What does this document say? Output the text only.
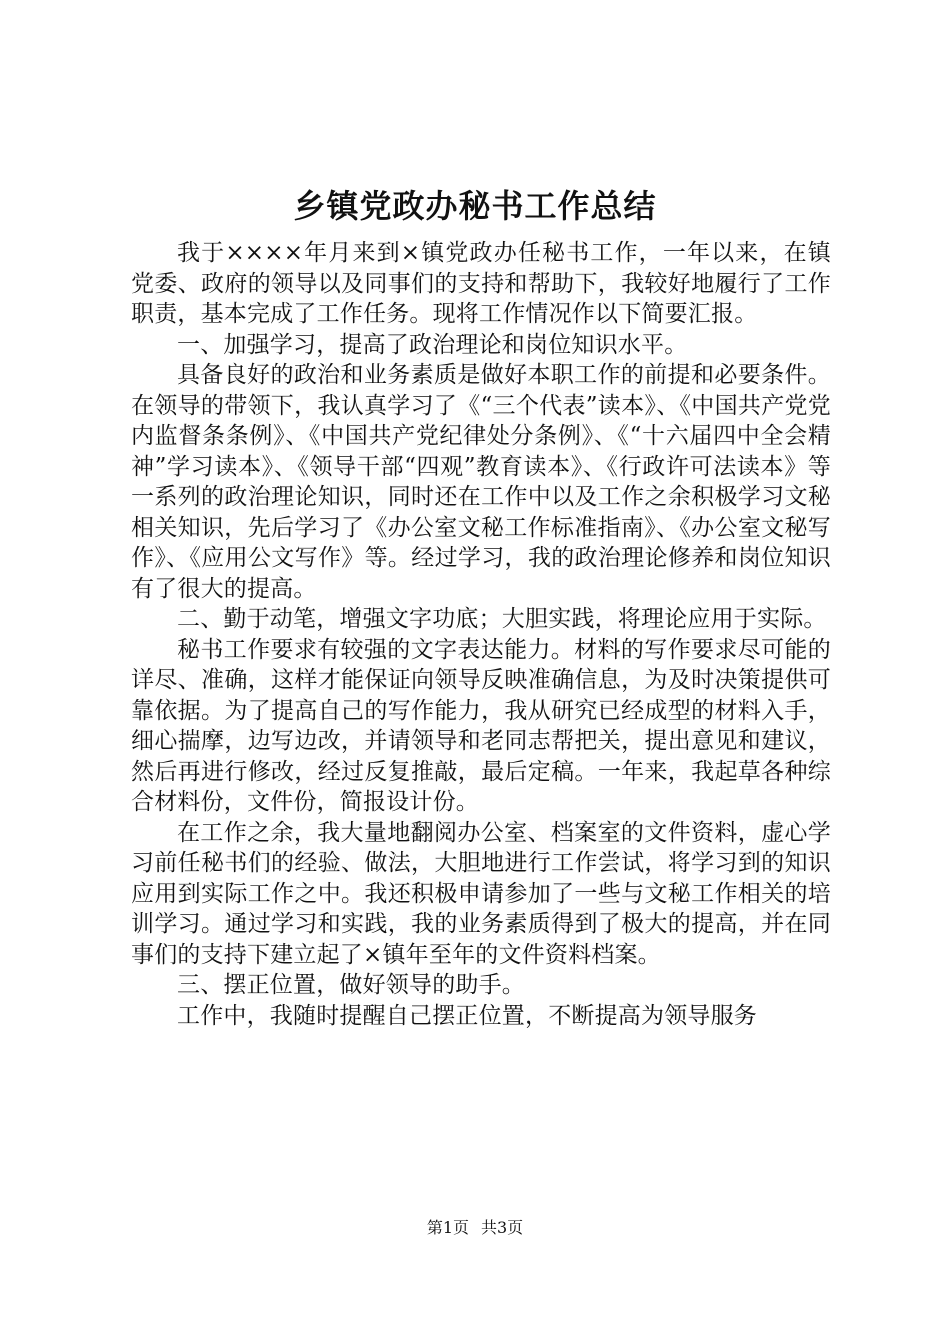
乡镇党政办秘书工作总结

我于××××年月来到×镇党政办任秘书工作，一年以来，在镇党委、政府的领导以及同事们的支持和帮助下，我较好地履行了工作职责，基本完成了工作任务。现将工作情况作以下简要汇报。

一、加强学习，提高了政治理论和岗位知识水平。

具备良好的政治和业务素质是做好本职工作的前提和必要条件。在领导的带领下，我认真学习了《“三个代表”读本》、《中国共产党党内监督条条例》、《中国共产党纪律处分条例》、《“十六届四中全会精神”学习读本》、《领导干部“四观”教育读本》、《行政许可法读本》等一系列的政治理论知识，同时还在工作中以及工作之余积极学习文秘相关知识，先后学习了《办公室文秘工作标准指南》、《办公室文秘写作》、《应用公文写作》等。经过学习，我的政治理论修养和岗位知识有了很大的提高。

二、勤于动笔，增强文字功底；大胆实践，将理论应用于实际。

秘书工作要求有较强的文字表达能力。材料的写作要求尽可能的详尽、准确，这样才能保证向领导反映准确信息，为及时决策提供可靠依据。为了提高自己的写作能力，我从研究已经成型的材料入手，细心揣摩，边写边改，并请领导和老同志帮把关，提出意见和建议，然后再进行修改，经过反复推敲，最后定稿。一年来，我起草各种综合材料份，文件份，简报设计份。

在工作之余，我大量地翻阅办公室、档案室的文件资料，虚心学习前任秘书们的经验、做法，大胆地进行工作尝试，将学习到的知识应用到实际工作之中。我还积极申请参加了一些与文秘工作相关的培训学习。通过学习和实践，我的业务素质得到了极大的提高，并在同事们的支持下建立起了×镇年至年的文件资料档案。

三、摆正位置，做好领导的助手。

工作中，我随时提醒自己摆正位置，不断提高为领导服务

第1页 共3页
